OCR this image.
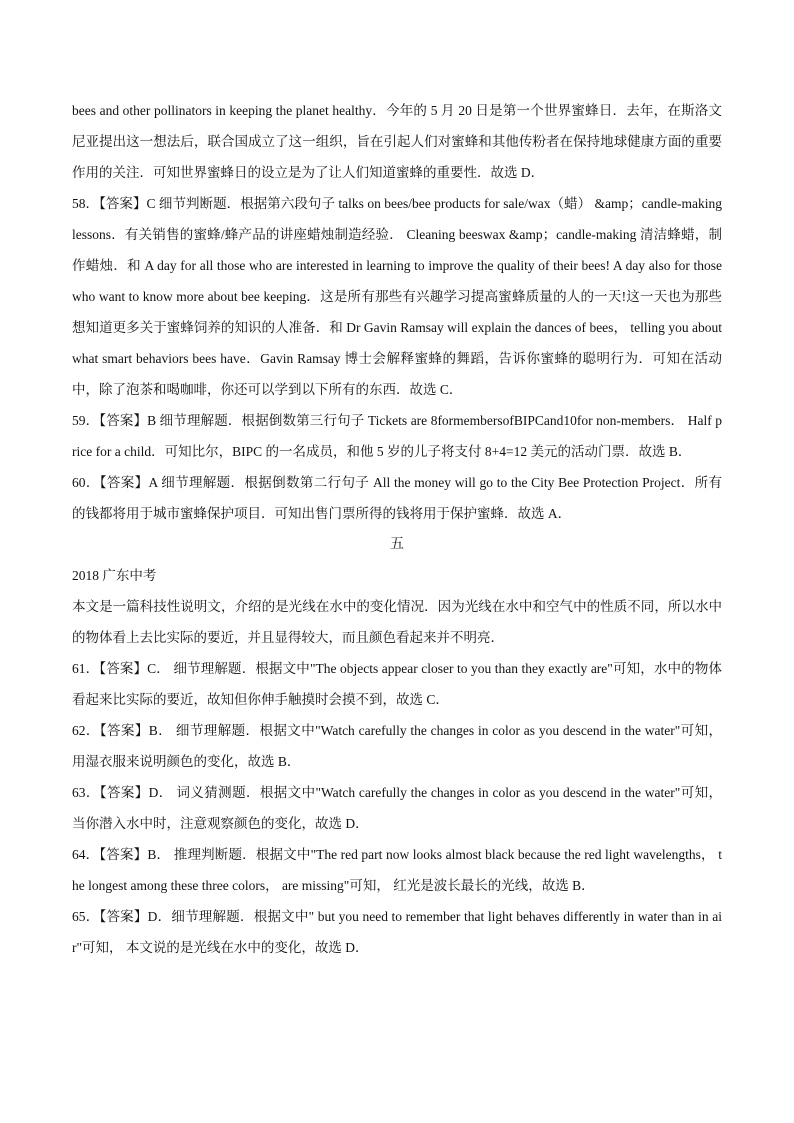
bees and other pollinators in keeping the planet healthy．今年的 5 月 20 日是第一个世界蜜蜂日．去年，在斯洛文尼亚提出这一想法后，联合国成立了这一组织，旨在引起人们对蜜蜂和其他传粉者在保持地球健康方面的重要作用的关注．可知世界蜜蜂日的设立是为了让人们知道蜜蜂的重要性．故选 D．

58．【答案】C 细节判断题．根据第六段句子 talks on bees/bee products for sale/wax（蜡） &amp；candle-making lessons．有关销售的蜜蜂/蜂产品的讲座蜡烛制造经验． Cleaning beeswax &amp；candle-making 清洁蜂蜡，制作蜡烛．和 A day for all those who are interested in learning to improve the quality of their bees! A day also for those who want to know more about bee keeping．这是所有那些有兴趣学习提高蜜蜂质量的人的一天!这一天也为那些想知道更多关于蜜蜂饲养的知识的人准备．和 Dr Gavin Ramsay will explain the dances of bees， telling you about what smart behaviors bees have．Gavin Ramsay 博士会解释蜜蜂的舞蹈，告诉你蜜蜂的聪明行为．可知在活动中，除了泡茶和喝咖啡，你还可以学到以下所有的东西．故选 C．

59．【答案】B 细节理解题．根据倒数第三行句子 Tickets are 8formembersofBIPCand10for non-members． Half price for a child．可知比尔，BIPC 的一名成员，和他 5 岁的儿子将支付 8+4=12 美元的活动门票．故选 B．

60．【答案】A 细节理解题．根据倒数第二行句子 All the money will go to the City Bee Protection Project．所有的钱都将用于城市蜜蜂保护项目．可知出售门票所得的钱将用于保护蜜蜂．故选 A．

五

2018 广东中考

本文是一篇科技性说明文，介绍的是光线在水中的变化情况．因为光线在水中和空气中的性质不同，所以水中的物体看上去比实际的要近，并且显得较大，而且颜色看起来并不明亮．

61．【答案】C． 细节理解题．根据文中"The objects appear closer to you than they exactly are"可知，水中的物体看起来比实际的要近，故知但你伸手触摸时会摸不到，故选 C．

62．【答案】B． 细节理解题．根据文中"Watch carefully the changes in color as you descend in the water"可知， 用湿衣服来说明颜色的变化，故选 B．

63．【答案】D． 词义猜测题．根据文中"Watch carefully the changes in color as you descend in the water"可知，当你潜入水中时，注意观察颜色的变化，故选 D．

64．【答案】B． 推理判断题．根据文中"The red part now looks almost black because the red light wavelengths， the longest among these three colors， are missing"可知， 红光是波长最长的光线，故选 B．

65．【答案】D．细节理解题．根据文中" but you need to remember that light behaves differently in water than in air"可知， 本文说的是光线在水中的变化，故选 D．
